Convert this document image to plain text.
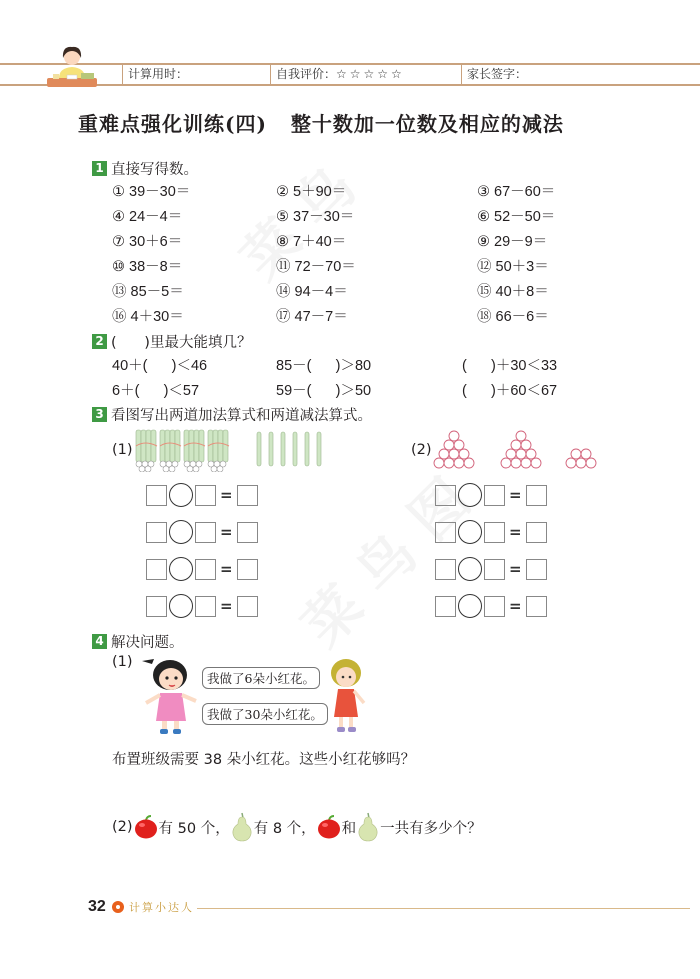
计算用时：	自我评价：☆☆☆☆☆	家长签字：
重难点强化训练(四)   整十数加一位数及相应的减法
1 直接写得数。
① 39－30＝	② 5＋90＝	③ 67－60＝
④ 24－4＝	⑤ 37－30＝	⑥ 52－50＝
⑦ 30＋6＝	⑧ 7＋40＝	⑨ 29－9＝
⑩ 38－8＝	⑪ 72－70＝	⑫ 50＋3＝
⑬ 85－5＝	⑭ 94－4＝	⑮ 40＋8＝
⑯ 4＋30＝	⑰ 47－7＝	⑱ 66－6＝
2 (      )里最大能填几？
40＋(      )＜46	85－(      )＞80	(      )＋30＜33
6＋(      )＜57	59－(      )＞50	(      )＋60＜67
3 看图写出两道加法算式和两道减法算式。
(1)	(2)
=
=
=
=
=
=
=
=
4 解决问题。
(1)
我做了6朵小红花。
我做了30朵小红花。
布置班级需要 38 朵小红花。这些小红花够吗？
(2) 有 50 个， 有 8 个， 和 一共有多少个？
32 计算小达人
